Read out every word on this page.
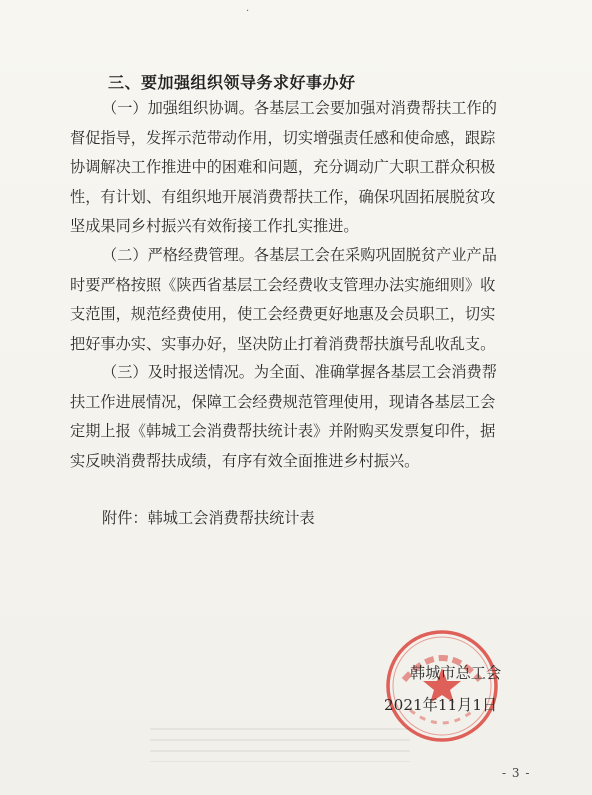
·
三、要加强组织领导务求好事办好
（一）加强组织协调。各基层工会要加强对消费帮扶工作的
督促指导，发挥示范带动作用，切实增强责任感和使命感，跟踪
协调解决工作推进中的困难和问题，充分调动广大职工群众积极
性，有计划、有组织地开展消费帮扶工作，确保巩固拓展脱贫攻
坚成果同乡村振兴有效衔接工作扎实推进。
（二）严格经费管理。各基层工会在采购巩固脱贫产业产品
时要严格按照《陕西省基层工会经费收支管理办法实施细则》收
支范围，规范经费使用，使工会经费更好地惠及会员职工，切实
把好事办实、实事办好，坚决防止打着消费帮扶旗号乱收乱支。
（三）及时报送情况。为全面、准确掌握各基层工会消费帮
扶工作进展情况，保障工会经费规范管理使用，现请各基层工会
定期上报《韩城工会消费帮扶统计表》并附购买发票复印件，据
实反映消费帮扶成绩，有序有效全面推进乡村振兴。
附件：韩城工会消费帮扶统计表
韩城市总工会
2021年11月1日
- 3 -
